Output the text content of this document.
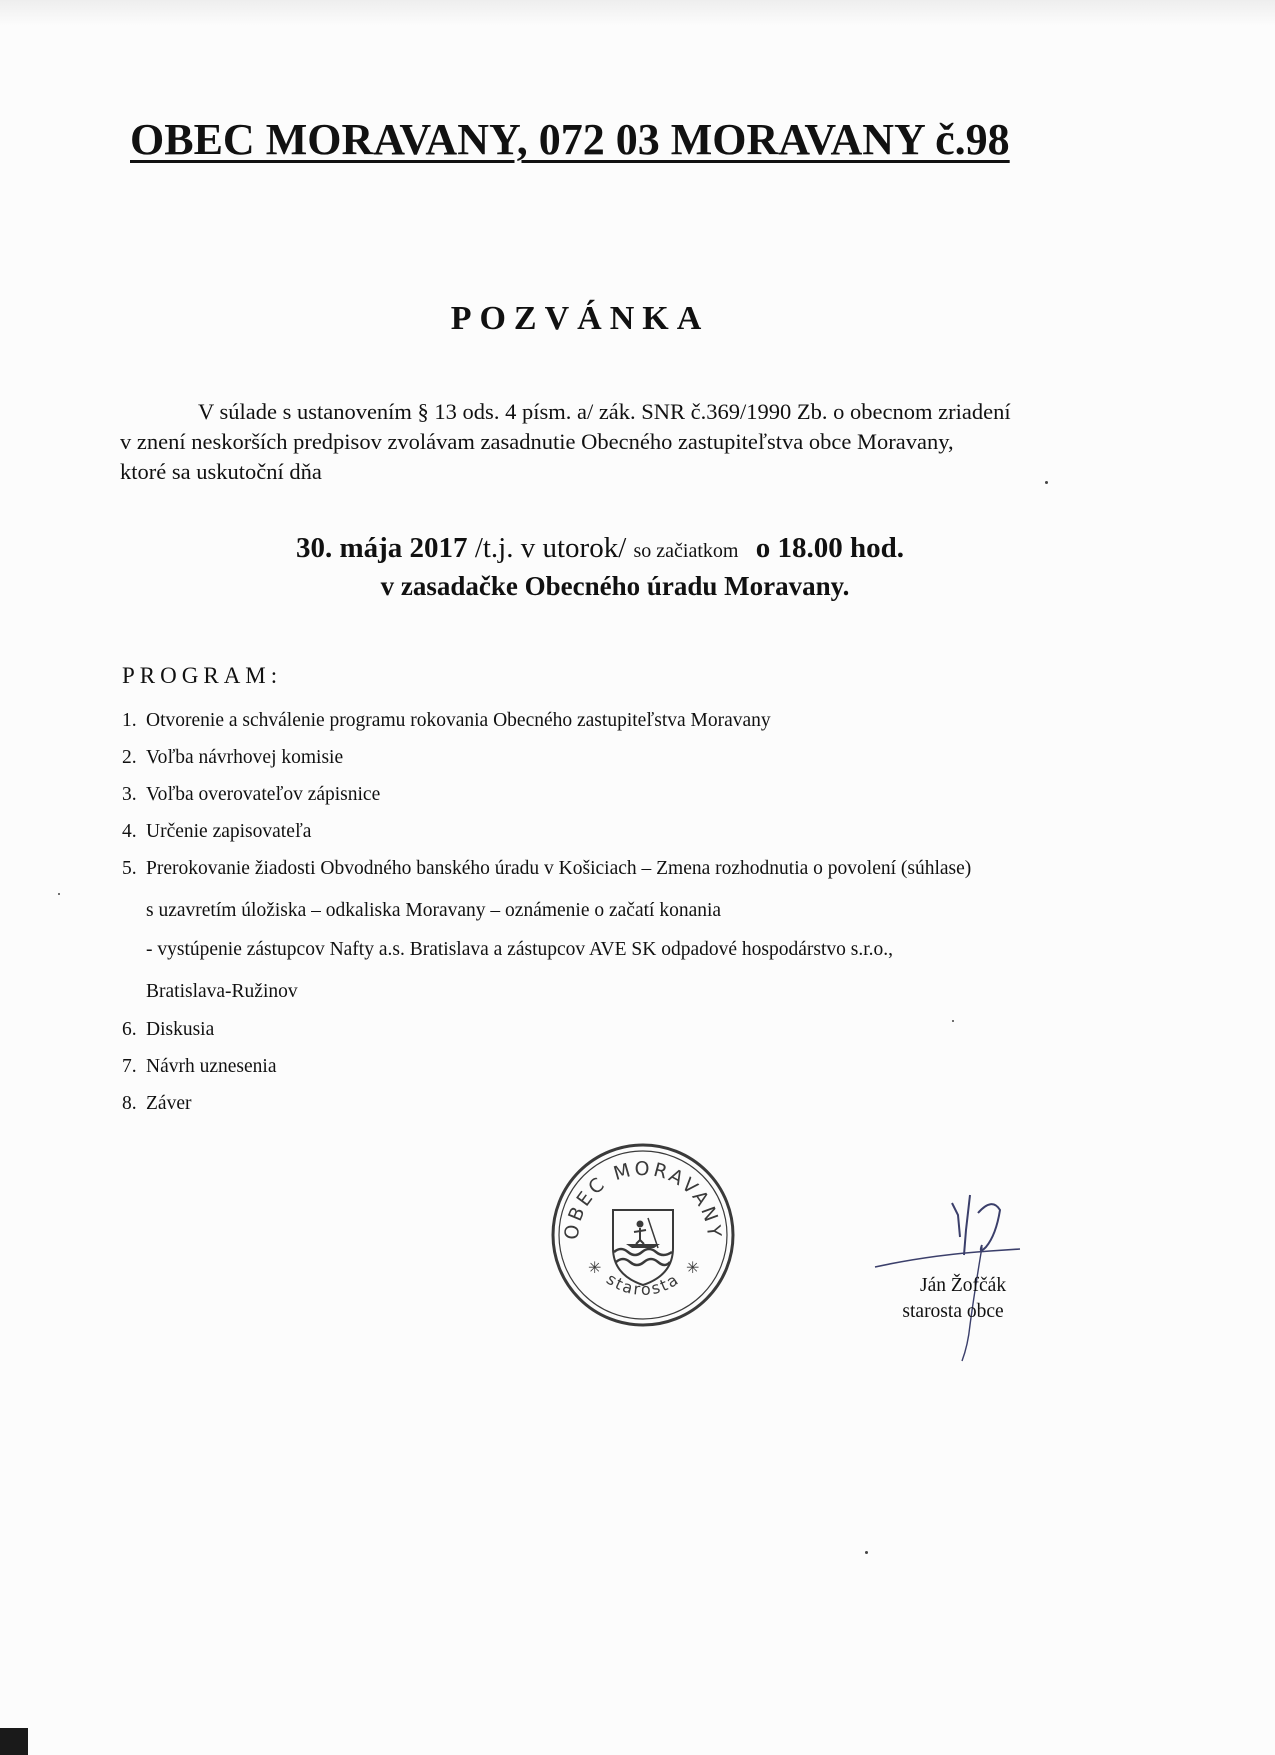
OBEC MORAVANY, 072 03 MORAVANY č.98
POZVÁNKA
V súlade s ustanovením § 13 ods. 4 písm. a/ zák. SNR č.369/1990 Zb. o obecnom zriadení
v znení neskorších predpisov zvolávam zasadnutie Obecného zastupiteľstva obce Moravany,
ktoré sa uskutoční dňa
30. mája 2017 /t.j. v utorok/ so začiatkom o 18.00 hod.
v zasadačke Obecného úradu Moravany.
PROGRAM:
1. Otvorenie a schválenie programu rokovania Obecného zastupiteľstva Moravany
2. Voľba návrhovej komisie
3. Voľba overovateľov zápisnice
4. Určenie zapisovateľa
5. Prerokovanie žiadosti Obvodného banského úradu v Košiciach – Zmena rozhodnutia o povolení (súhlase)
s uzavretím úložiska – odkaliska Moravany – oznámenie o začatí konania
- vystúpenie zástupcov Nafty a.s. Bratislava a zástupcov AVE SK odpadové hospodárstvo s.r.o.,
Bratislava-Ružinov
6. Diskusia
7. Návrh uznesenia
8. Záver
OBEC MORAVANY
starosta
✳	✳
Ján Žofčák
starosta obce
